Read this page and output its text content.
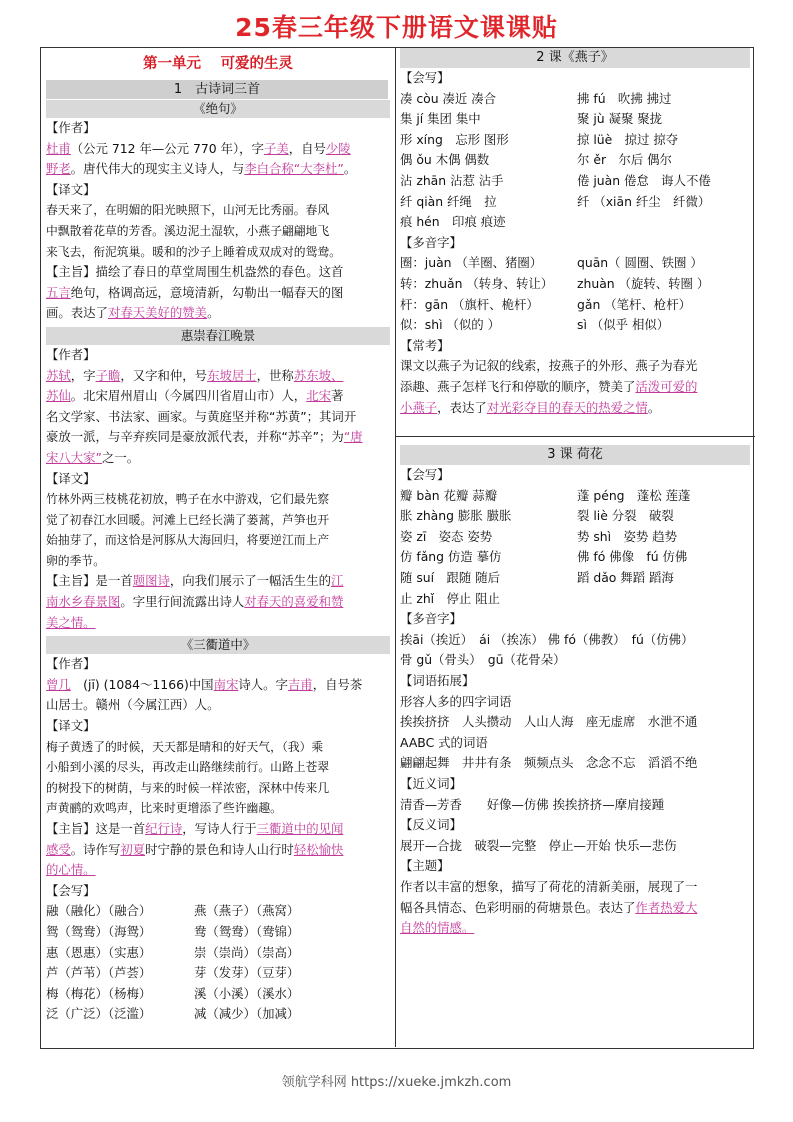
25春三年级下册语文课课贴
第一单元　 可爱的生灵
1　古诗词三首
《绝句》
【作者】
杜甫（公元 712 年—公元 770 年），字子美，自号少陵
野老。唐代伟大的现实主义诗人，与李白合称“大李杜”。
【译文】
春天来了，在明媚的阳光映照下，山河无比秀丽。春风
中飘散着花草的芳香。溪边泥土湿软，小燕子翩翩地飞
来飞去，衔泥筑巢。暖和的沙子上睡着成双成对的鸳鸯。
【主旨】描绘了春日的草堂周围生机盎然的春色。这首
五言绝句，格调高远，意境清新，勾勒出一幅春天的图
画。表达了对春天美好的赞美。
惠崇春江晚景
【作者】
苏轼，字子瞻，又字和仲，号东坡居士，世称苏东坡、
苏仙。北宋眉州眉山（今属四川省眉山市）人，北宋著
名文学家、书法家、画家。与黄庭坚并称“苏黄”；其词开
豪放一派，与辛弃疾同是豪放派代表，并称“苏辛”；为“唐
宋八大家”之一。
【译文】
竹林外两三枝桃花初放，鸭子在水中游戏，它们最先察
觉了初春江水回暖。河滩上已经长满了蒌蒿，芦笋也开
始抽芽了，而这恰是河豚从大海回归，将要逆江而上产
卵的季节。
【主旨】是一首题图诗，向我们展示了一幅活生生的江
南水乡春景图。字里行间流露出诗人对春天的喜爱和赞
美之情。
《三衢道中》
【作者】
曾几　(jī) (1084～1166)中国南宋诗人。字吉甫，自号茶
山居士。赣州（今属江西）人。
【译文】
梅子黄透了的时候，天天都是晴和的好天气，（我）乘
小船到小溪的尽头，再改走山路继续前行。山路上苍翠
的树投下的树荫，与来的时候一样浓密，深林中传来几
声黄鹂的欢鸣声，比来时更增添了些许幽趣。
【主旨】这是一首纪行诗，写诗人行于三衢道中的见闻
感受。诗作写初夏时宁静的景色和诗人山行时轻松愉快
的心情。
【会写】
融（融化）（融合）	燕（燕子）（燕窝）
鸳（鸳鸯）（海鸳）	鸯（鸳鸯）（鸯锦）
惠（恩惠）（实惠）	崇（崇尚）（崇高）
芦（芦苇）（芦荟）	芽（发芽）（豆芽）
梅（梅花）（杨梅）	溪（小溪）（溪水）
泛（广泛）（泛滥）	减（减少）（加减）
2 课《燕子》
【会写】
凑 còu 凑近 凑合	拂 fú　吹拂 拂过
集 jí 集团 集中	聚 jù 凝聚 聚拢
形 xíng　忘形 图形	掠 lüè　掠过 掠夺
偶 ǒu 木偶 偶数	尔 ěr　尔后 偶尔
沾 zhān 沾惹 沾手	倦 juàn 倦怠　诲人不倦
纤 qiàn 纤绳　拉	纤 （xiān 纤尘　纤微）
痕 hén　印痕 痕迹
【多音字】
圈：juàn （羊圈、猪圈）	quān（ 圆圈、铁圈 ）
转：zhuǎn （转身、转让） zhuàn （旋转、转圈 ）
杆：gān （旗杆、桅杆）	gǎn （笔杆、枪杆）
似：shì （似的 ）	sì （似乎 相似）
【常考】
课文以燕子为记叙的线索，按燕子的外形、燕子为春光
添趣、燕子怎样飞行和停歇的顺序，赞美了活泼可爱的
小燕子，表达了对光彩夺目的春天的热爱之情。
3 课 荷花
【会写】
瓣 bàn 花瓣 蒜瓣	蓬 péng　蓬松 莲蓬
胀 zhàng 膨胀 臌胀	裂 liè 分裂　破裂
姿 zī　姿态 姿势	势 shì　姿势 趋势
仿 fǎng 仿造 摹仿	佛 fó 佛像　fú 仿佛
随 suí　跟随 随后	蹈 dǎo 舞蹈 蹈海
止 zhǐ　停止 阻止
【多音字】
挨āi（挨近）　ái （挨冻） 佛 fó（佛教）　fú（仿佛）
骨 gǔ（骨头）　gū（花骨朵）
【词语拓展】
形容人多的四字词语
挨挨挤挤　人头攒动　人山人海　座无虚席　水泄不通
AABC 式的词语
翩翩起舞　井井有条　频频点头　念念不忘　滔滔不绝
【近义词】
清香—芳香　　好像—仿佛 挨挨挤挤—摩肩接踵
【反义词】
展开—合拢　破裂—完整　停止—开始 快乐—悲伤
【主题】
作者以丰富的想象，描写了荷花的清新美丽，展现了一
幅各具情态、色彩明丽的荷塘景色。表达了作者热爱大
自然的情感。
领航学科网 https://xueke.jmkzh.com
